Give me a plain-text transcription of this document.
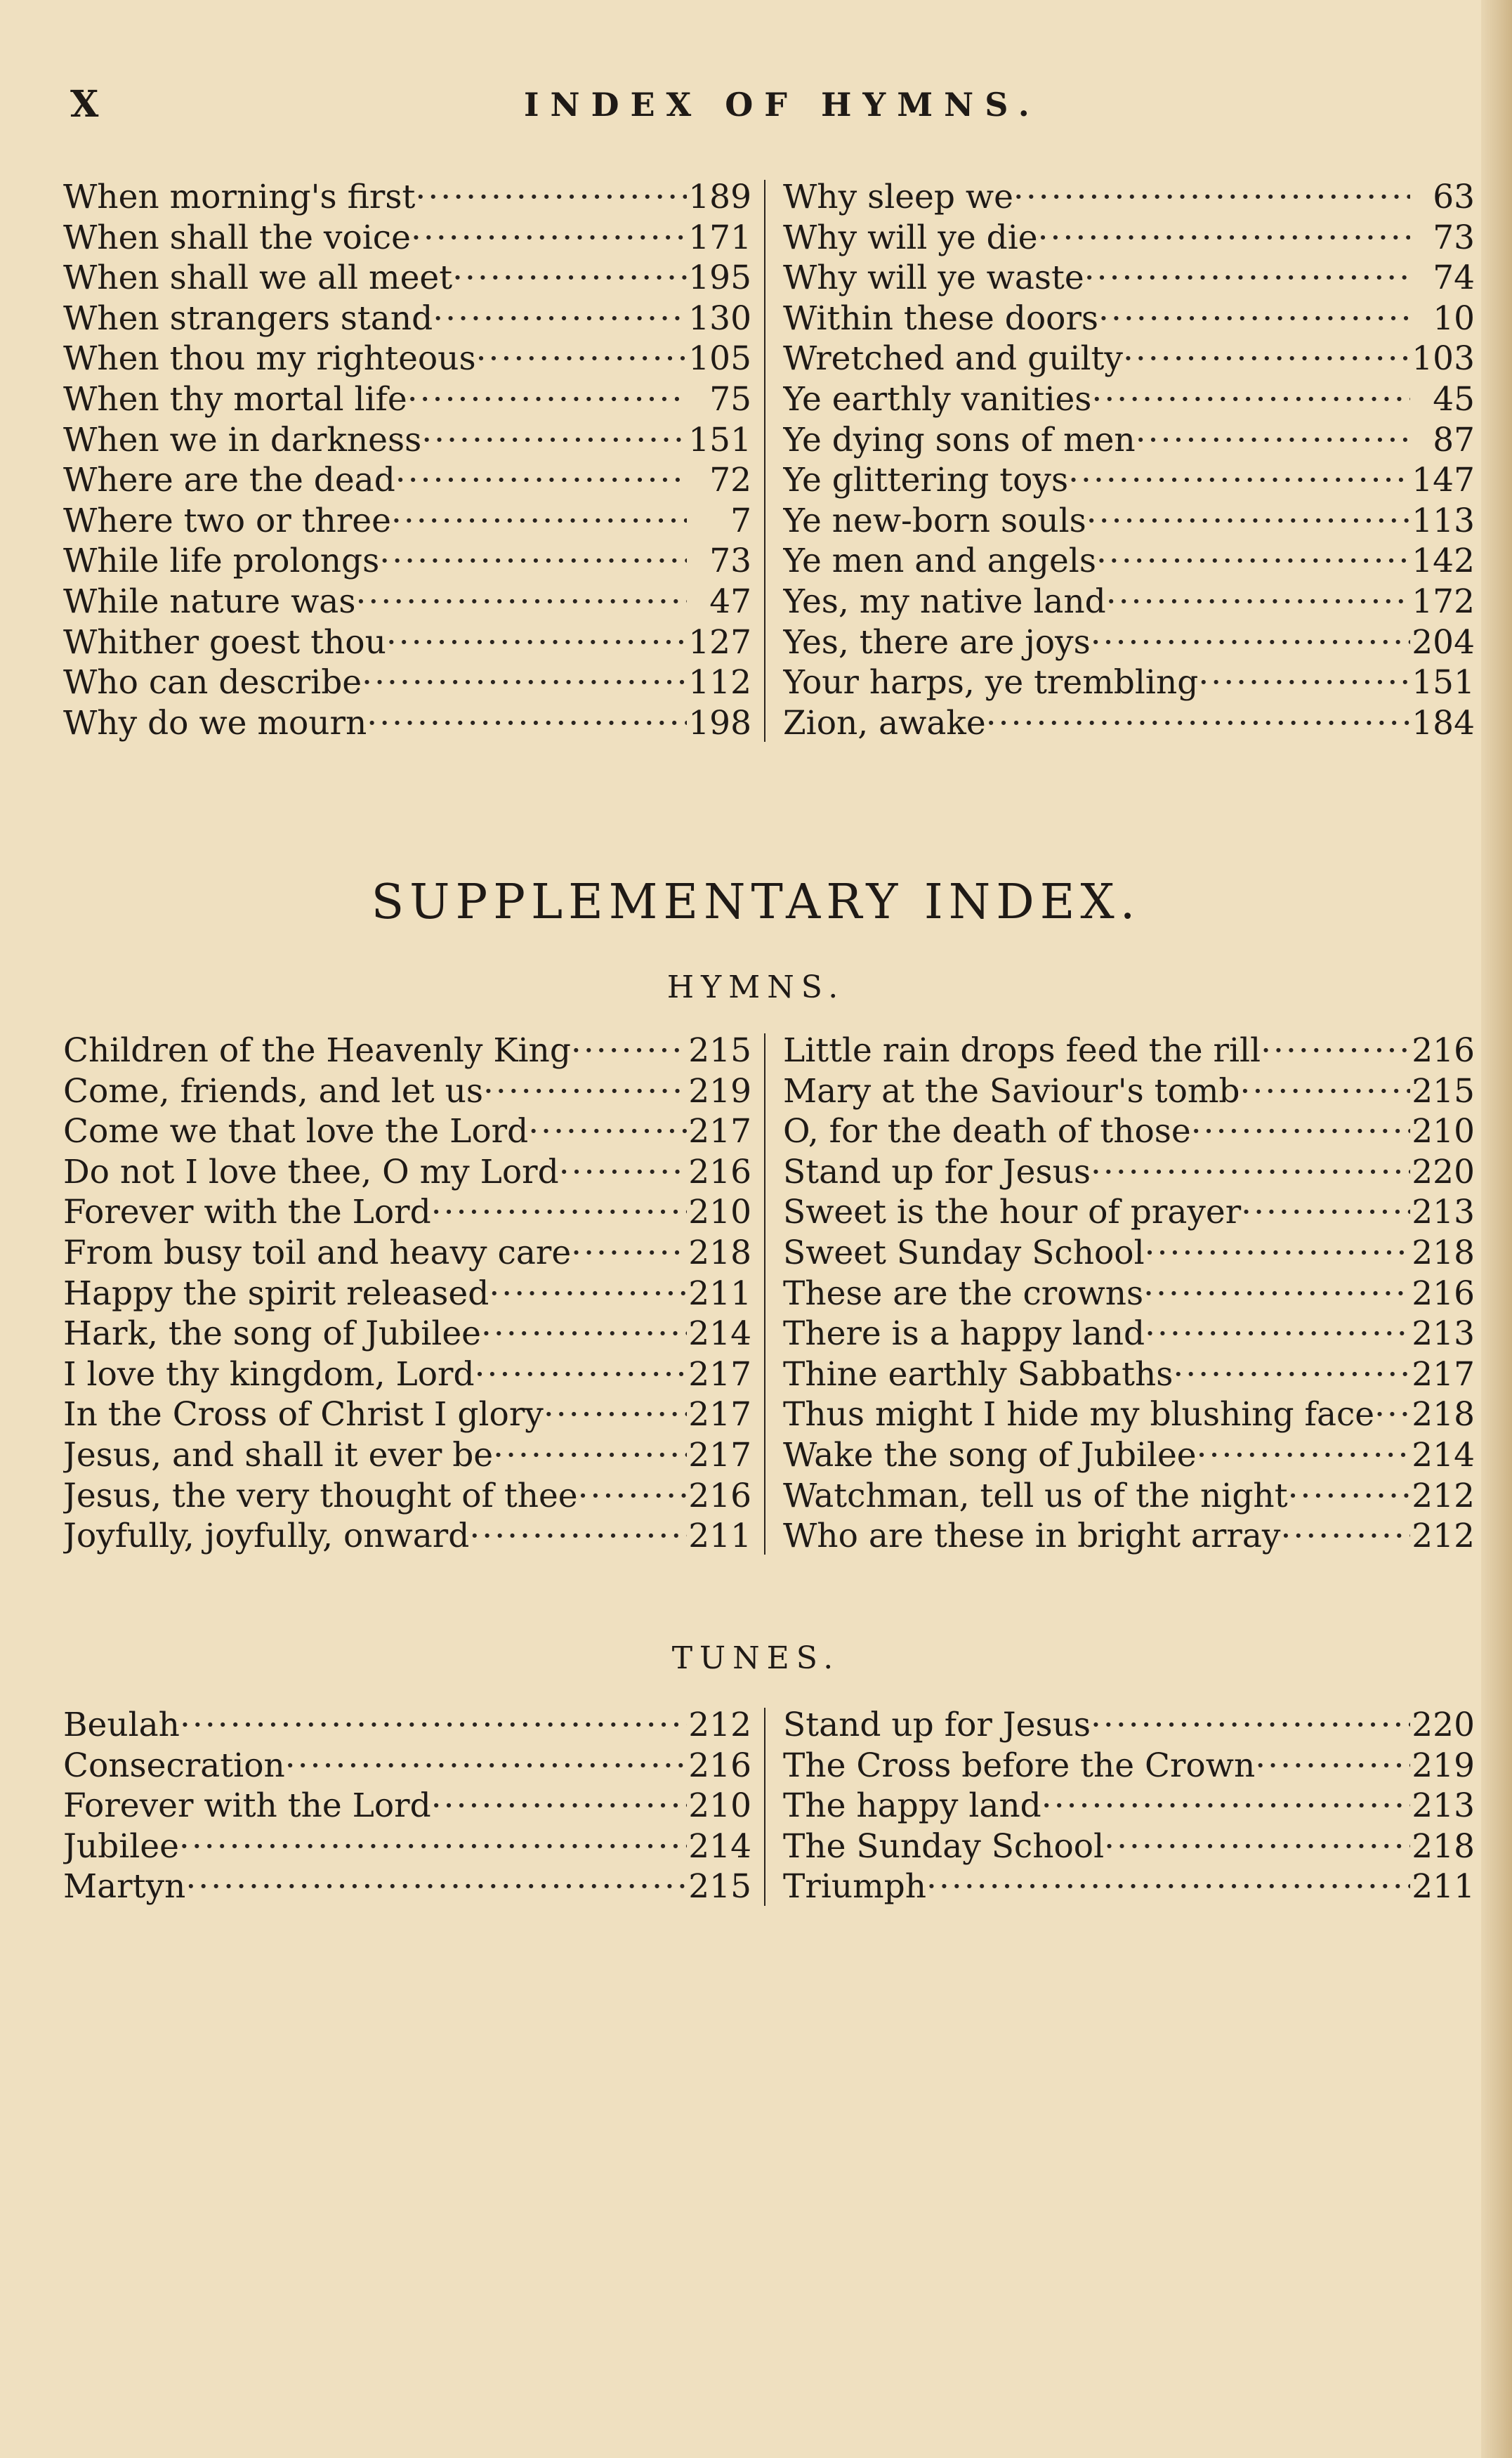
X	INDEX OF HYMNS.
When morning's first ·····	189
When shall the voice ·····	171
When shall we all meet ·····	195
When strangers stand ·····	130
When thou my righteous ·····	105
When thy mortal life ·····	75
When we in darkness ·····	151
Where are the dead ·····	72
Where two or three ·····	7
While life prolongs ·····	73
While nature was ·····	47
Whither goest thou ·····	127
Who can describe ·····	112
Why do we mourn ·····	198
Why sleep we ·····	63
Why will ye die ·····	73
Why will ye waste ·····	74
Within these doors ·····	10
Wretched and guilty ·····	103
Ye earthly vanities ·····	45
Ye dying sons of men ·····	87
Ye glittering toys ·····	147
Ye new-born souls ·····	113
Ye men and angels ·····	142
Yes, my native land ·····	172
Yes, there are joys ·····	204
Your harps, ye trembling ·····	151
Zion, awake ·····	184
SUPPLEMENTARY INDEX.
HYMNS.
Children of the Heavenly King ·····	215
Come, friends, and let us ·····	219
Come we that love the Lord ·····	217
Do not I love thee, O my Lord ·····	216
Forever with the Lord ·····	210
From busy toil and heavy care ·····	218
Happy the spirit released ·····	211
Hark, the song of Jubilee ·····	214
I love thy kingdom, Lord ·····	217
In the Cross of Christ I glory ·····	217
Jesus, and shall it ever be ·····	217
Jesus, the very thought of thee ·····	216
Joyfully, joyfully, onward ·····	211
Little rain drops feed the rill ·····	216
Mary at the Saviour's tomb ·····	215
O, for the death of those ·····	210
Stand up for Jesus ·····	220
Sweet is the hour of prayer ·····	213
Sweet Sunday School ·····	218
These are the crowns ·····	216
There is a happy land ·····	213
Thine earthly Sabbaths ·····	217
Thus might I hide my blushing face ····· 218
Wake the song of Jubilee ·····	214
Watchman, tell us of the night ·····	212
Who are these in bright array ·····	212
TUNES.
Beulah ·····	212
Consecration ·····	216
Forever with the Lord ·····	210
Jubilee ·····	214
Martyn ·····	215
Stand up for Jesus ·····	220
The Cross before the Crown ·····	219
The happy land ·····	213
The Sunday School ·····	218
Triumph ·····	211
